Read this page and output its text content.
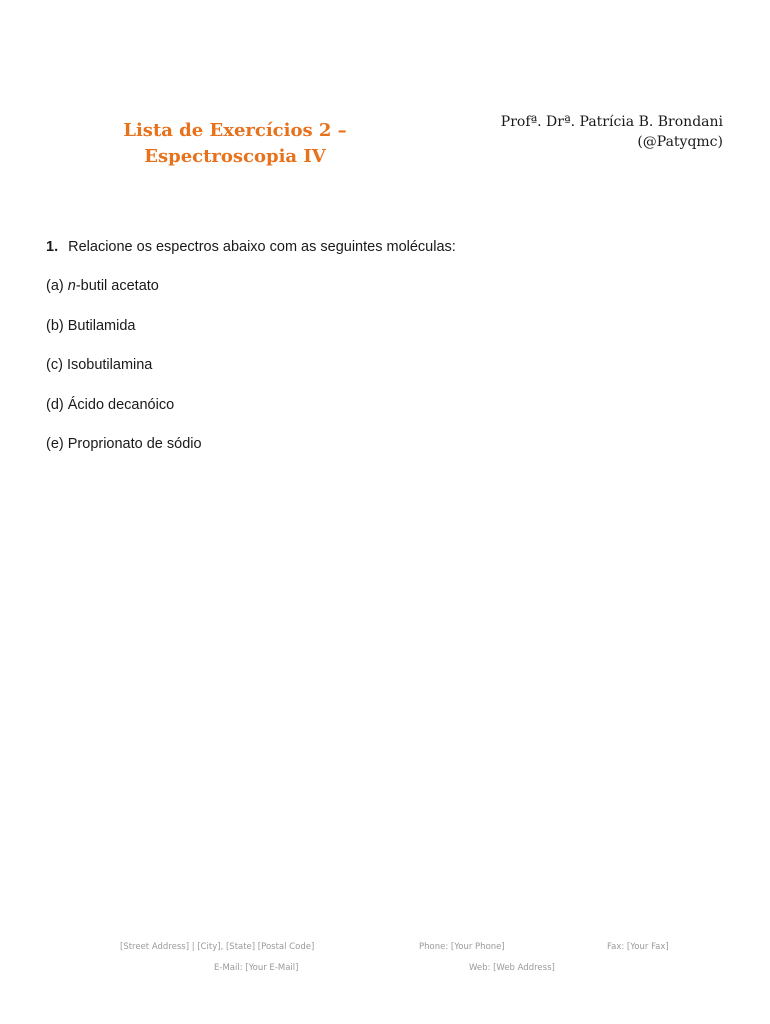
Lista de Exercícios 2 –
Espectroscopia IV
Profª. Drª. Patrícia B. Brondani
(@Patyqmc)
1. Relacione os espectros abaixo com as seguintes moléculas:
(a) n-butil acetato
(b) Butilamida
(c) Isobutilamina
(d) Ácido decanóico
(e) Proprionato de sódio
[Street Address] | [City], [State] [Postal Code]	Phone: [Your Phone]	Fax: [Your Fax]
E-Mail: [Your E-Mail]	Web: [Web Address]
